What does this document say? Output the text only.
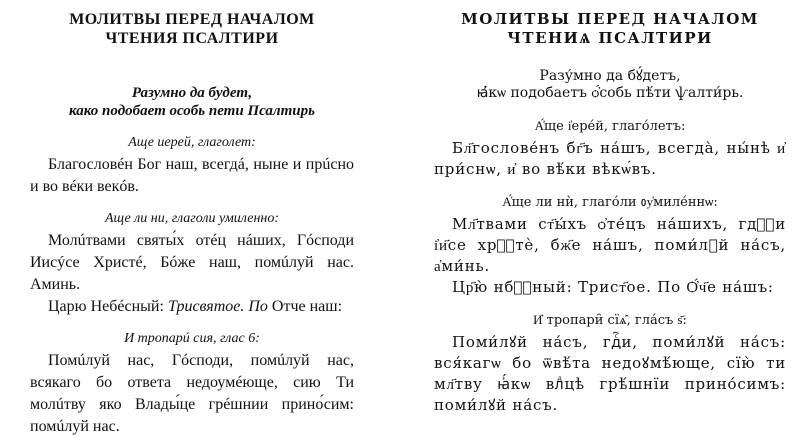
МОЛИТВЫ ПЕРЕД НАЧАЛОМ
ЧТЕНИЯ ПСАЛТИРИ
Разумно да будет,
како подобает особь пети Псалтирь
Аще иерей, глаголет:

Благословéн Бог наш, всегдá, ныне и прúсно и во вéки векóв.

Аще ли ни, глаголи умиленно:

Молúтвами святы́х отéц нáших, Гóсподи Иисýсе Христé, Бóже наш, помúлуй нас. Аминь.

Царю Небéсный: Трисвятое. По Отче наш:

И тропарú сия, глас 6:

Помúлуй нас, Гóсподи, помúлуй нас, всякаго бо ответа недоумéюще, сию Ти молúтву яко Влады́це грéшнии прино́сим: помúлуй нас.

МОЛИТВЫ ПЕРЕД НАЧАЛОМ
ЧТЕНИѦ ПСАЛТИРИ
Разу́мно да бꙋ́детъ,
ꙗ҆́кѡ подобаетъ ѻ҆́собь пѣ́ти ѱалти́рь.
А҆́ще і҆ере́й, глаго́летъ:

Бл҃гослове́нъ бг҃ъ на́шъ, всегда̀, ны́нѣ и҆ при́снѡ, и҆ во вѣ́ки вѣкѡ́въ.

А҆́ще ли нѝ, глаго́ли ᲂу҆миле́ннѡ:

Мл҃твами ст҃ы́хъ ѻ҆те́цъ на́шихъ, гдⷭ҇и і҆и҃се хрⷭ҇тѐ, бж҃е на́шъ, поми́лꙋй на́съ, а҆ми́нь.

Цр҃ю̀ нбⷭ҇ный: Трист҃ое. По Ѻ҆́ч҃е на́шъ:

И҆ тропари̑ сїѧ̑, гла́съ ѕ҃:

Поми́лꙋй на́съ, гдⷭ҇и, поми́лꙋй на́съ: вся́кагѡ бо ѿвѣ́та недоꙋмѣ́юще, сїю̀ ти мл҃тву ꙗ҆́кѡ влⷣцѣ грѣ́шнїи прино́симъ: поми́лꙋй на́съ.
